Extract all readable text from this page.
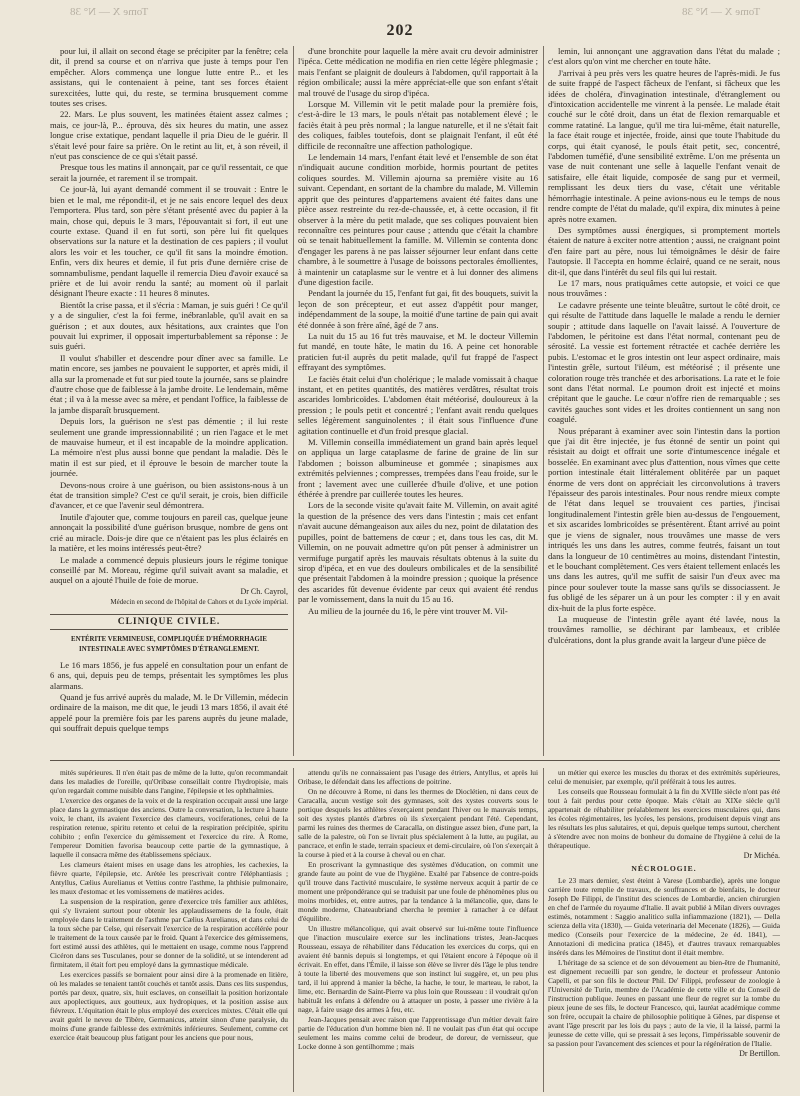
Tome X — N° 38	Tome X — N° 38
202

pour lui, il allait on second étage se précipiter par la fenêtre; cela dit, il prend sa course et on n'arriva que juste à temps pour l'en empêcher. Alors commença une longue lutte entre P... et les assistans, qui le contenaient à peine, tant ses forces étaient surexcitées, lutte qui, du reste, se termina brusquement comme toutes ses crises.

22. Mars. Le plus souvent, les matinées étaient assez calmes ; mais, ce jour-là, P... éprouva, dès six heures du matin, une assez longue crise extatique, pendant laquelle il pria Dieu de le guérir. Il s'était levé pour faire sa prière. On le retint au lit, et, à son réveil, il n'eut pas conscience de ce qui s'était passé.

Presque tous les matins il annonçait, par ce qu'il ressentait, ce que serait la journée, et rarement il se trompait.

Ce jour-là, lui ayant demandé comment il se trouvait : Entre le bien et le mal, me répondit-il, et je ne sais encore lequel des deux l'emportera. Plus tard, son père s'étant présenté avec du papier à la main, chose qui, depuis le 3 mars, l'épouvantait si fort, il eut une courte extase. Quand il en fut sorti, son père lui fit quelques observations sur la nature et la destination de ces papiers ; il voulut alors les voir et les toucher, ce qu'il fit sans la moindre émotion. Enfin, vers dix heures et demie, il fut pris d'une dernière crise de somnambulisme, pendant laquelle il remercia Dieu d'avoir exaucé sa prière et de lui avoir rendu la santé; au moment où il parlait désignant l'heure exacte : 11 heures 8 minutes.

Bientôt la crise passa, et il s'écria : Maman, je suis guéri ! Ce qu'il y a de singulier, c'est la foi ferme, inébranlable, qu'il avait en sa guérison ; et aux doutes, aux hésitations, aux craintes que l'on pouvait lui exprimer, il opposait imperturbablement sa réponse : Je suis guéri.

Il voulut s'habiller et descendre pour dîner avec sa famille. Le matin encore, ses jambes ne pouvaient le supporter, et après midi, il alla sur la promenade et fut sur pied toute la journée, sans se plaindre d'autre chose que de faiblesse à la jambe droite. Le lendemain, même état ; il va à la messe avec sa mère, et pendant l'office, la faiblesse de la jambe disparaît brusquement.

Depuis lors, la guérison ne s'est pas démentie ; il lui reste seulement une grande impressionnabilité ; un rien l'agace et le met de mauvaise humeur, et il est incapable de la moindre application. La mémoire n'est plus aussi bonne que pendant la maladie. Dès le matin il est sur pied, et il éprouve le besoin de marcher toute la journée.

Devons-nous croire à une guérison, ou bien assistons-nous à un état de transition simple? C'est ce qu'il serait, je crois, bien difficile d'avancer, et ce que l'avenir seul démontrera.

Inutile d'ajouter que, comme toujours en pareil cas, quelque jeune annonçait la possibilité d'une guérison brusque, nombre de gens ont crié au miracle. Dois-je dire que ce n'étaient pas les plus éclairés en la matière, et les moins intéressés peut-être?

Le malade a commencé depuis plusieurs jours le régime tonique conseillé par M. Moreau, régime qu'il suivait avant sa maladie, et auquel on a ajouté l'huile de foie de morue.

Dr Ch. Cayrol,
Médecin en second de l'hôpital de Cahors et du Lycée impérial.

CLINIQUE CIVILE.
ENTÉRITE VERMINEUSE, COMPLIQUÉE D'HÉMORRHAGIE INTESTINALE AVEC SYMPTÔMES D'ÉTRANGLEMENT.

Le 16 mars 1856, je fus appelé en consultation pour un enfant de 6 ans, qui, depuis peu de temps, présentait les symptômes les plus alarmans.

Quand je fus arrivé auprès du malade, M. le Dr Villemin, médecin ordinaire de la maison, me dit que, le jeudi 13 mars 1856, il avait été appelé pour la première fois par les parens auprès du jeune malade, qui souffrait depuis quelque temps

d'une bronchite pour laquelle la mère avait cru devoir administrer l'ipéca. Cette médication ne modifia en rien cette légère phlegmasie ; mais l'enfant se plaignit de douleurs à l'abdomen, qu'il rapportait à la région ombilicale; aussi la mère appréciat-elle que son enfant s'était mal trouvé de l'usage du sirop d'ipéca.

Lorsque M. Villemin vit le petit malade pour la première fois, c'est-à-dire le 13 mars, le pouls n'était pas notablement élevé ; le faciès était à peu près normal ; la langue naturelle, et il ne s'était fait des coliques, faibles toutefois, dont se plaignait l'enfant, il eût été difficile de reconnaître une affection pathologique.

Le lendemain 14 mars, l'enfant était levé et l'ensemble de son état n'indiquait aucune condition morbide, hormis pourtant de petites coliques sourdes. M. Villemin ajourna sa première visite au 16 suivant. Cependant, en sortant de la chambre du malade, M. Villemin apprit que des peintures d'appartemens avaient été faites dans une pièce assez restreinte du rez-de-chaussée, et, à cette occasion, il fit observer à la mère du petit malade, que ses coliques pouvaient bien reconnaître ces peintures pour cause ; attendu que c'était la chambre où se tenait habituellement la famille. M. Villemin se contenta donc d'engager les parens à ne pas laisser séjourner leur enfant dans cette chambre, à le soumettre à l'usage de boissons pectorales émollientes, à maintenir un cataplasme sur le ventre et à lui donner des alimens d'une digestion facile.

Pendant la journée du 15, l'enfant fut gai, fit des bouquets, suivit la leçon de son précepteur, et eut assez d'appétit pour manger, indépendamment de la soupe, la moitié d'une tartine de pain qui avait été donnée à son frère aîné, âgé de 7 ans.

La nuit du 15 au 16 fut très mauvaise, et M. le docteur Villemin fut mandé, en toute hâte, le matin du 16. A peine cet honorable praticien fut-il auprès du petit malade, qu'il fut frappé de l'aspect effrayant des symptômes.

Le faciès était celui d'un cholérique ; le malade vomissait à chaque instant, et en petites quantités, des matières verdâtres, résultat trois ascarides lombricoïdes. L'abdomen était météorisé, douloureux à la pression ; le pouls petit et concentré ; l'enfant avait rendu quelques selles légèrement sanguinolentes ; il était sous l'influence d'une agitation continuelle et d'un froid presque glacial.

M. Villemin conseilla immédiatement un grand bain après lequel on appliqua un large cataplasme de farine de graine de lin sur l'abdomen ; boisson albumineuse et gommée ; sinapismes aux extrémités pelviennes ; compresses, trempées dans l'eau froide, sur le front ; lavement avec une cuillerée d'huile d'olive, et une potion éthérée à prendre par cuillerée toutes les heures.

Lors de la seconde visite qu'avait faite M. Villemin, on avait agité la question de la présence des vers dans l'intestin ; mais cet enfant n'avait aucune démangeaison aux ailes du nez, point de dilatation des pupilles, point de battemens de cœur ; et, dans tous les cas, dit M. Villemin, on ne pouvait admettre qu'on pût penser à administrer un vermifuge purgatif après les mauvais résultats obtenus à la suite du sirop d'ipéca, et en vue des douleurs ombilicales et de la sensibilité que présentait l'abdomen à la moindre pression ; quoique la présence des ascarides fût devenue évidente par ceux qui avaient été rendus par le vomissement, dans la nuit du 15 au 16.

Au milieu de la journée du 16, le père vint trouver M. Vil-

lemin, lui annonçant une aggravation dans l'état du malade ; c'est alors qu'on vint me chercher en toute hâte.

J'arrivai à peu près vers les quatre heures de l'après-midi. Je fus de suite frappé de l'aspect fâcheux de l'enfant, si fâcheux que les idées de choléra, d'invagination intestinale, d'étranglement ou d'intoxication accidentelle me vinrent à la pensée. Le malade était couché sur le côté droit, dans un état de flexion remarquable et comme ratatiné. La langue, qu'il me tira lui-même, était naturelle, la face était rouge et injectée, froide, ainsi que toute l'habitude du corps, qui était cyanosé, le pouls était petit, sec, concentré, l'abdomen tuméfié, d'une sensibilité extrême. L'on me présenta un vase de nuit contenant une selle à laquelle l'enfant venait de satisfaire, elle était liquide, composée de sang pur et vermeil, remplissant les deux tiers du vase, c'était une véritable hémorrhagie intestinale. A peine avions-nous eu le temps de nous rendre compte de l'état du malade, qu'il expira, dix minutes à peine après notre examen.

Des symptômes aussi énergiques, si promptement mortels étaient de nature à exciter notre attention ; aussi, ne craignant point d'en faire part au père, nous lui témoignâmes le désir de faire l'autopsie. Il l'accepta en homme éclairé, quand ce ne serait, nous dit-il, que dans l'intérêt du seul fils qui lui restait.

Le 17 mars, nous pratiquâmes cette autopsie, et voici ce que nous trouvâmes :

Le cadavre présente une teinte bleuâtre, surtout le côté droit, ce qui résulte de l'attitude dans laquelle le malade a rendu le dernier soupir ; attitude dans laquelle on l'avait laissé. A l'ouverture de l'abdomen, le péritoine est dans l'état normal, contenant peu de sérosité. La vessie est fortement rétractée et cachée derrière les pubis. L'estomac et le gros intestin ont leur aspect ordinaire, mais l'intestin grêle, surtout l'iléum, est météorisé ; il présente une coloration rouge très tranchée et des arborisations. La rate et le foie sont dans l'état normal. Le poumon droit est injecté et moins crépitant que le gauche. Le cœur n'offre rien de remarquable ; ses cavités gauches sont vides et les droites contiennent un sang non coagulé.

Nous préparant à examiner avec soin l'intestin dans la portion que j'ai dit être injectée, je fus étonné de sentir un point qui résistait au doigt et offrait une sorte d'intumescence inégale et bosselée. En examinant avec plus d'attention, nous vîmes que cette portion intestinale était littéralement oblitérée par un paquet énorme de vers dont on appréciait les circonvolutions à travers l'épaisseur des parois intestinales. Pour nous rendre mieux compte de l'état dans lequel se trouvaient ces parties, j'incisai longitudinalement l'intestin grêle bien au-dessus de l'engouement, et six ascarides lombricoïdes se présentèrent. Étant arrivé au point que je viens de signaler, nous trouvâmes une masse de vers intriqués les uns dans les autres, comme feutrés, faisant un tout dans la longueur de 10 centimètres au moins, distendant l'intestin, et le bouchant complètement. Ces vers étaient tellement enlacés les uns dans les autres, qu'il me suffit de saisir l'un d'eux avec ma pince pour soulever toute la masse sans qu'ils se dissociassent. Je fus obligé de les séparer un à un pour les compter : il y en avait dix-huit de la plus forte espèce.

La muqueuse de l'intestin grêle ayant été lavée, nous la trouvâmes ramollie, se déchirant par lambeaux, et criblée d'ulcérations, dont la plus grande avait la largeur d'une pièce de

mités supérieures. Il n'en était pas de même de la lutte, qu'on recommandait dans les maladies de l'oreille, qu'Oribase conseillait contre l'hydropisie, mais qu'on regardait comme nuisible dans l'angine, l'épilepsie et les ophthalmies.

L'exercice des organes de la voix et de la respiration occupait aussi une large place dans la gymnastique des anciens. Outre la conversation, la lecture à haute voix, le chant, ils avaient l'exercice des clameurs, vociferationes, celui de la respiration retenue, spiritu retento et celui de la respiration précipitée, spiritu cohibito ; enfin l'exercice du gémissement et l'exercice du rire. À Rome, l'empereur Domitien favorisa beaucoup cette partie de la gymnastique, à laquelle il consacra même des établissemens spéciaux.

Les clameurs étaient mises en usage dans les atrophies, les cachexies, la fièvre quarte, l'épilepsie, etc. Arétée les prescrivait contre l'éléphantiasis ; Antyllus, Cælius Aurelianus et Vettius contre l'asthme, la phthisie pulmonaire, les maux d'estomac et les vomissemens de matières acides.

La suspension de la respiration, genre d'exercice très familier aux athlètes, qui s'y livraient surtout pour obtenir les applaudissemens de la foule, était employée dans le traitement de l'asthme par Cælius Aurelianus, et dans celui de la toux sèche par Celse, qui réservait l'exercice de la respiration accélérée pour le traitement de la toux causée par le froid. Quant à l'exercice des gémissemens, fort estimé aussi des athlètes, qui le mettaient en usage, comme nous l'apprend Cicéron dans ses Tusculanes, pour se donner de la solidité, ut se intenderent ad firmitatem, il était fort peu employé dans la gymnastique médicale.

Les exercices passifs se bornaient pour ainsi dire à la promenade en litière, où les malades se tenaient tantôt couchés et tantôt assis. Dans ces lits suspendus, portés par deux, quatre, six, huit esclaves, on conseillait la position horizontale aux apoplectiques, aux goutteux, aux hydropiques, et la position assise aux fiévreux. L'équitation était le plus employé des exercices mixtes. C'était elle qui avait guéri le neveu de Tibère, Germanicus, atteint sinon d'une paralysie, du moins d'une grande faiblesse des extrémités inférieures. Seulement, comme cet exercice était beaucoup plus fatigant pour les anciens que pour nous,

attendu qu'ils ne connaissaient pas l'usage des étriers, Antyllus, et après lui Oribase, le défendait dans les affections de poitrine.

On ne découvre à Rome, ni dans les thermes de Dioclétien, ni dans ceux de Caracalla, aucun vestige soit des gymnases, soit des xystes couverts sous le portique desquels les athlètes s'exerçaient pendant l'hiver ou le mauvais temps, soit des xystes plantés d'arbres où ils s'exerçaient pendant l'été. Cependant, parmi les ruines des thermes de Caracalla, on distingue assez bien, d'une part, la salle de la palestre, où l'on se livrait plus spécialement à la lutte, au pugilat, au pancrace, et enfin le stade, terrain spacieux et demi-circulaire, où l'on s'exerçait à la course à pied et à la course à cheval ou en char.

En proscrivant la gymnastique des systèmes d'éducation, on commit une grande faute au point de vue de l'hygiène. Exalté par l'absence de contre-poids qu'il trouve dans l'activité musculaire, le système nerveux acquit à partir de ce moment une prépondérance qui se traduisit par une foule de phénomènes plus ou moins morbides, et, entre autres, par la tendance à la mélancolie, que, dans le monde moderne, Chateaubriand chercha le premier à rattacher à ce défaut d'équilibre.

Un illustre mélancolique, qui avait observé sur lui-même toute l'influence que l'inaction musculaire exerce sur les inclinations tristes, Jean-Jacques Rousseau, essaya de réhabiliter dans l'éducation les exercices du corps, qui en avaient été bannis depuis si longtemps, et qui l'étaient encore à l'époque où il écrivait. En effet, dans l'Émile, il laisse son élève se livrer dès l'âge le plus tendre à toute la liberté des mouvemens que son instinct lui suggère, et, un peu plus tard, il lui apprend à manier la bêche, la hache, le tour, le marteau, le rabot, la lime, etc. Bernardin de Saint-Pierre va plus loin que Rousseau : il voudrait qu'on habituât les enfans à défendre ou à attaquer un poste, à passer une rivière à la nage, à faire usage des armes à feu, etc.

Jean-Jacques pensait avec raison que l'apprentissage d'un métier devait faire partie de l'éducation d'un homme bien né. Il ne voulait pas d'un état qui occupe seulement les mains comme celui de brodeur, de doreur, de vernisseur, que Locke donne à son gentilhomme ; mais

un métier qui exerce les muscles du thorax et des extrémités supérieures, celui de menuisier, par exemple, qu'il préférait à tous les autres.

Les conseils que Rousseau formulait à la fin du XVIIIe siècle n'ont pas été tout à fait perdus pour cette époque. Mais c'était au XIXe siècle qu'il appartenait de réhabiliter préalablement les exercices musculaires qui, dans les écoles régimentaires, les lycées, les pensions, produisent depuis vingt ans les résultats les plus salutaires, et qui, depuis quelque temps surtout, cherchent à s'étendre avec non moins de bonheur du domaine de l'hygiène à celui de la thérapeutique.

Dr Michéa.

NÉCROLOGIE.

Le 23 mars dernier, s'est éteint à Varese (Lombardie), après une longue carrière toute remplie de travaux, de souffrances et de bienfaits, le docteur Joseph De Filippi, de l'institut des sciences de Lombardie, ancien chirurgien en chef de l'armée du royaume d'Italie. Il avait publié à Milan divers ouvrages estimés, notamment : Saggio analitico sulla infiammazione (1821), — Della scienza della vita (1830), — Guida veterinaria del Mecenate (1826), — Guida medico (Conseils pour l'exercice de la médecine, 2e éd. 1841), — Annotazioni di medicina pratica (1845), et d'autres travaux remarquables insérés dans les Mémoires de l'institut dont il était membre.

L'héritage de sa science et de son dévouement au bien-être de l'humanité, est dignement recueilli par son gendre, le docteur et professeur Antonio Capelli, et par son fils le docteur Phil. De' Filippi, professeur de zoologie à l'Université de Turin, membre de l'Académie de cette ville et du Conseil de l'instruction publique. Jeunes en passant une fleur de regret sur la tombe du pieux jeune de ses fils, le docteur Francesco, qui, lauréat académique comme son frère, occupait la chaire de philosophie politique à Gênes, par dispense et avant l'âge prescrit par les lois du pays ; auto de la vie, il la laissé, parmi la jeunesse de cette ville, qui se pressait à ses leçons, l'impérissable souvenir de sa passion pour l'avancement des sciences et pour la régénération de l'Italie.

Dr Bertillon.
